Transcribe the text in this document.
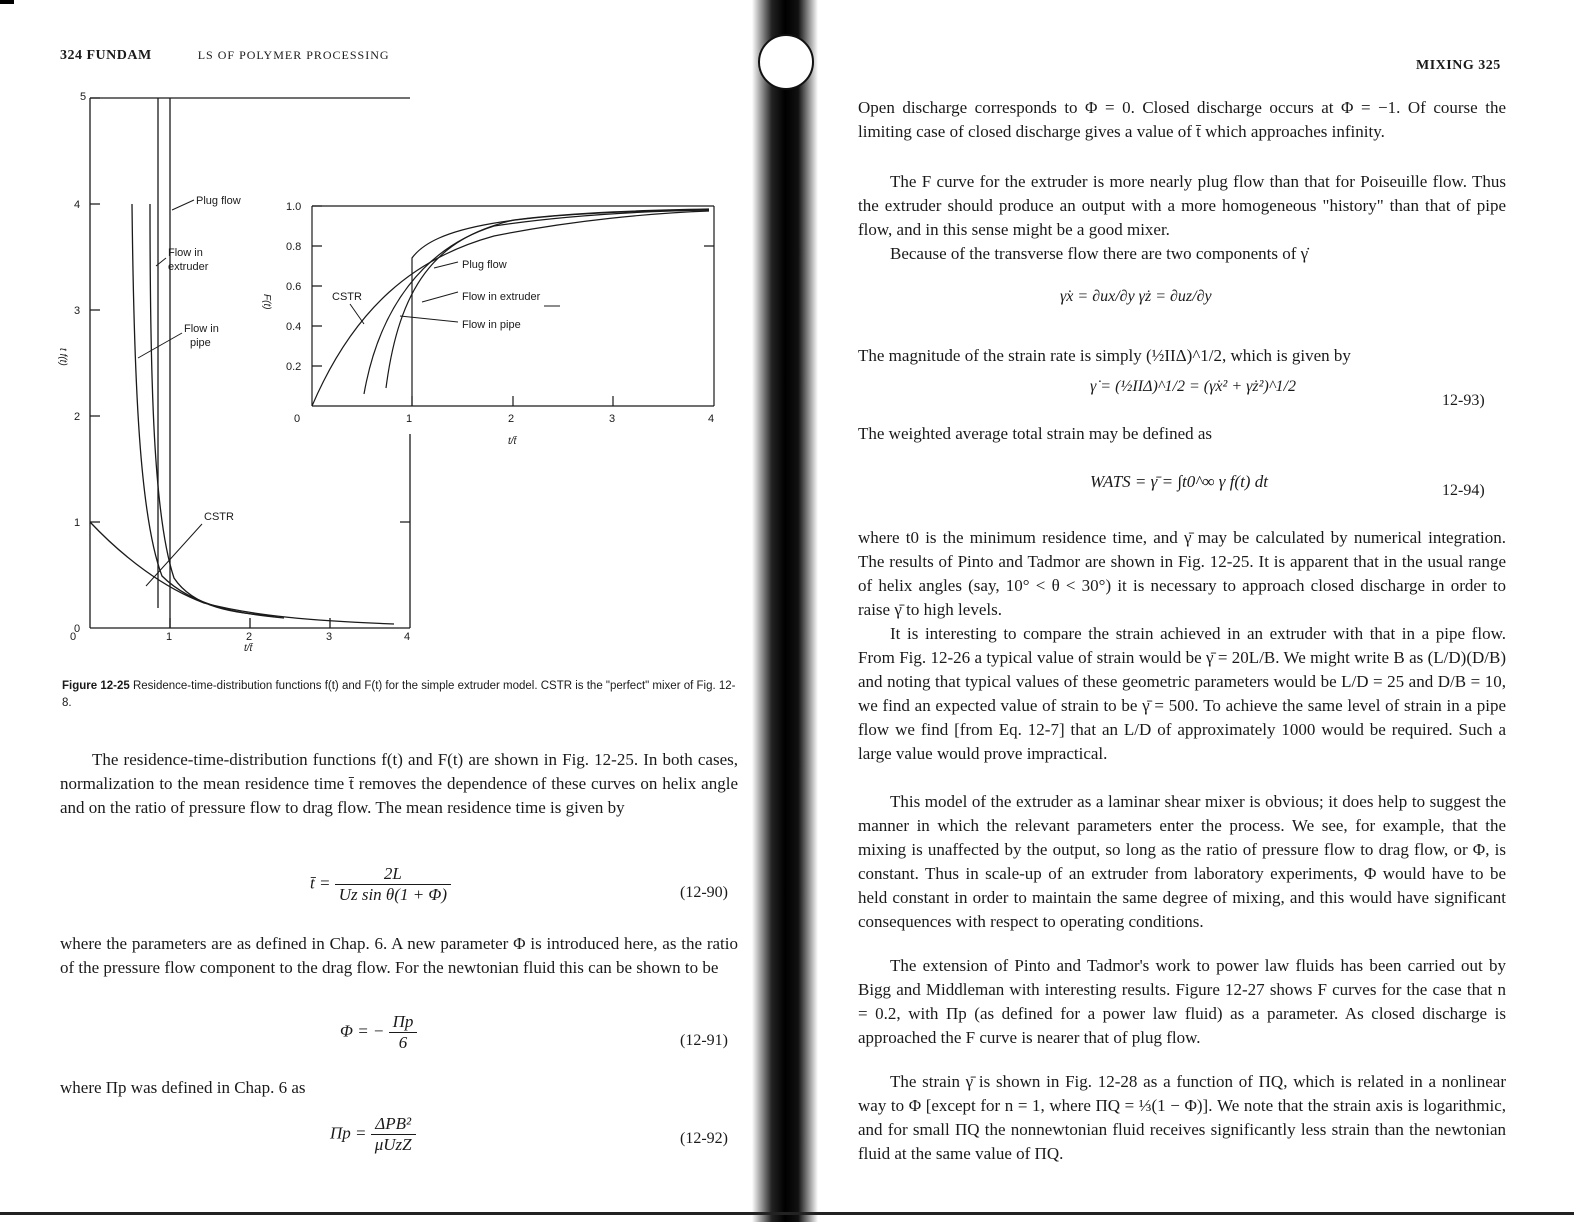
324 FUNDAM	LS OF POLYMER PROCESSING
0
1
2
3
4
5
1	2	3	4
0
t/t̄
t f(t)
Plug flow
Flow in
extruder
Flow in
pipe
CSTR
0.2
0.4
0.6
0.8
1.0
0	1	2	3	4
t/t̄
F(t)	CSTR
Plug flow
Flow in extruder
Flow in pipe
Figure 12-25 Residence-time-distribution functions f(t) and F(t) for the simple extruder model. CSTR is the "perfect" mixer of Fig. 12-8.

The residence-time-distribution functions f(t) and F(t) are shown in Fig. 12-25. In both cases, normalization to the mean residence time t̄ removes the dependence of these curves on helix angle and on the ratio of pressure flow to drag flow. The mean residence time is given by

t̄ = $\frac{2L}{\text{Uz sin θ(1 + Φ)}}$	(12-90)

where the parameters are as defined in Chap. 6. A new parameter Φ is introduced here, as the ratio of the pressure flow component to the drag flow. For the newtonian fluid this can be shown to be

Φ = − $\frac{\Pi p}{6}$	(12-91)

where Πp was defined in Chap. 6 as

$\Pi p = \frac{\text{ΔPB²}}{\text{μUzZ}}$	(12-92)
MIXING 325

Open discharge corresponds to Φ = 0. Closed discharge occurs at Φ = −1. Of course the limiting case of closed discharge gives a value of t̄ which approaches infinity.

The F curve for the extruder is more nearly plug flow than that for Poiseuille flow. Thus the extruder should produce an output with a more homogeneous "history" than that of pipe flow, and in this sense might be a good mixer.

Because of the transverse flow there are two components of γ̇

γ̇x = ∂ux/∂y γ̇z = ∂uz/∂y

The magnitude of the strain rate is simply (½IIΔ)^1/2, which is given by

γ̇ = (½IIΔ)^1/2 = (γ̇x² + γ̇z²)^1/2
12-93)

The weighted average total strain may be defined as

WATS = γ̄ = ∫t0^∞ γ f(t) dt	12-94)

where t0 is the minimum residence time, and γ̄ may be calculated by numerical integration. The results of Pinto and Tadmor are shown in Fig. 12-25. It is apparent that in the usual range of helix angles (say, 10° < θ < 30°) it is necessary to approach closed discharge in order to raise γ̄ to high levels.

It is interesting to compare the strain achieved in an extruder with that in a pipe flow. From Fig. 12-26 a typical value of strain would be γ̄ = 20L/B. We might write B as (L/D)(D/B) and noting that typical values of these geometric parameters would be L/D = 25 and D/B = 10, we find an expected value of strain to be γ̄ = 500. To achieve the same level of strain in a pipe flow we find [from Eq. 12-7] that an L/D of approximately 1000 would be required. Such a large value would prove impractical.

This model of the extruder as a laminar shear mixer is obvious; it does help to suggest the manner in which the relevant parameters enter the process. We see, for example, that the mixing is unaffected by the output, so long as the ratio of pressure flow to drag flow, or Φ, is constant. Thus in scale-up of an extruder from laboratory experiments, Φ would have to be held constant in order to maintain the same degree of mixing, and this would have significant consequences with respect to operating conditions.

The extension of Pinto and Tadmor's work to power law fluids has been carried out by Bigg and Middleman with interesting results. Figure 12-27 shows F curves for the case that n = 0.2, with Πp (as defined for a power law fluid) as a parameter. As closed discharge is approached the F curve is nearer that of plug flow.

The strain γ̄ is shown in Fig. 12-28 as a function of ΠQ, which is related in a nonlinear way to Φ [except for n = 1, where ΠQ = ⅓(1 − Φ)]. We note that the strain axis is logarithmic, and for small ΠQ the nonnewtonian fluid receives significantly less strain than the newtonian fluid at the same value of ΠQ.
